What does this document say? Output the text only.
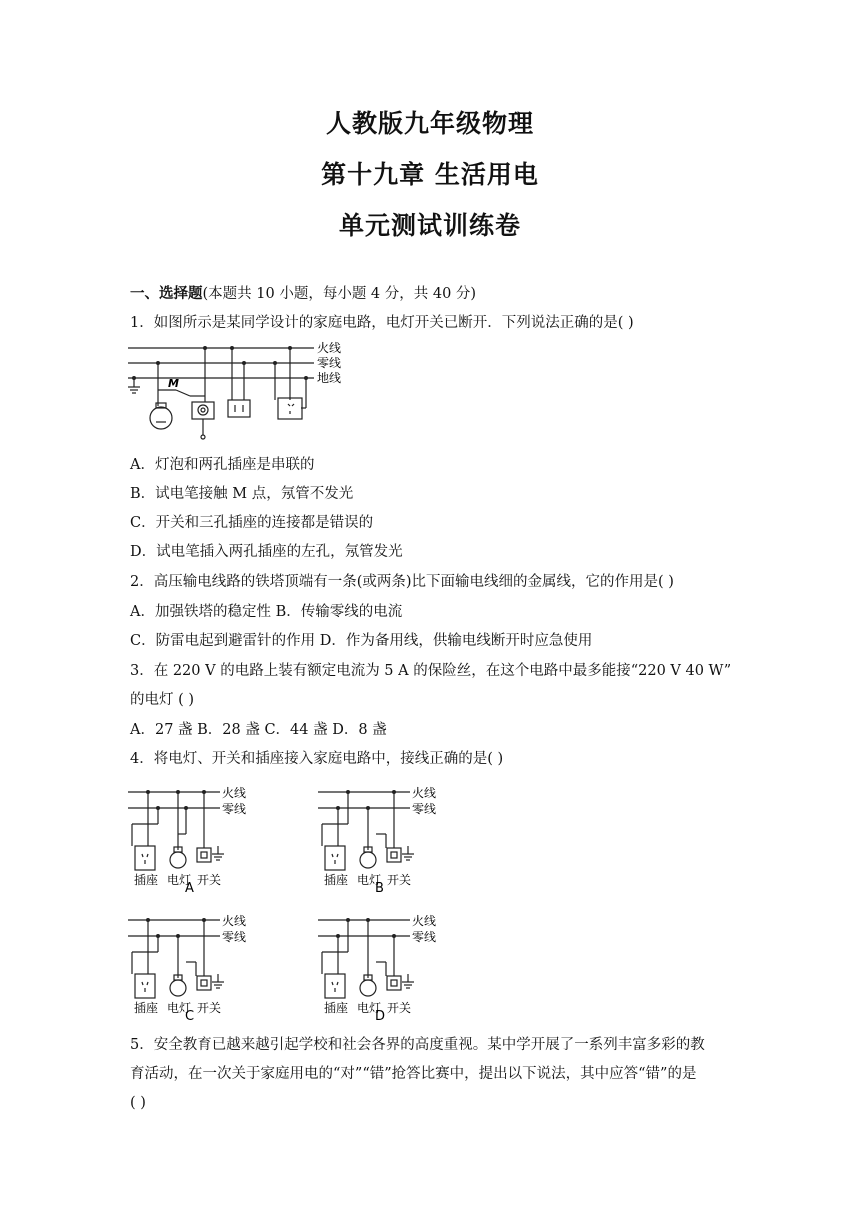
人教版九年级物理
第十九章 生活用电
单元测试训练卷
一、选择题(本题共 10 小题，每小题 4 分，共 40 分)
1．如图所示是某同学设计的家庭电路，电灯开关已断开．下列说法正确的是( )
火线
零线
地线
M
A．灯泡和两孔插座是串联的
B．试电笔接触 M 点，氖管不发光
C．开关和三孔插座的连接都是错误的
D．试电笔插入两孔插座的左孔，氖管发光
2．高压输电线路的铁塔顶端有一条(或两条)比下面输电线细的金属线，它的作用是( )
A．加强铁塔的稳定性 B．传输零线的电流
C．防雷电起到避雷针的作用 D．作为备用线，供输电线断开时应急使用
3．在 220 V 的电路上装有额定电流为 5 A 的保险丝，在这个电路中最多能接“220 V 40 W”
的电灯 ( )
A．27 盏 B．28 盏 C．44 盏 D．8 盏
4．将电灯、开关和插座接入家庭电路中，接线正确的是( )
火线
零线
插座 电灯 开关
A
火线
零线
插座 电灯 开关
B
火线
零线
插座 电灯 开关
C
火线
零线
插座 电灯 开关
D
5．安全教育已越来越引起学校和社会各界的高度重视。某中学开展了一系列丰富多彩的教
育活动，在一次关于家庭用电的“对”“错”抢答比赛中，提出以下说法，其中应答“错”的是
( )
